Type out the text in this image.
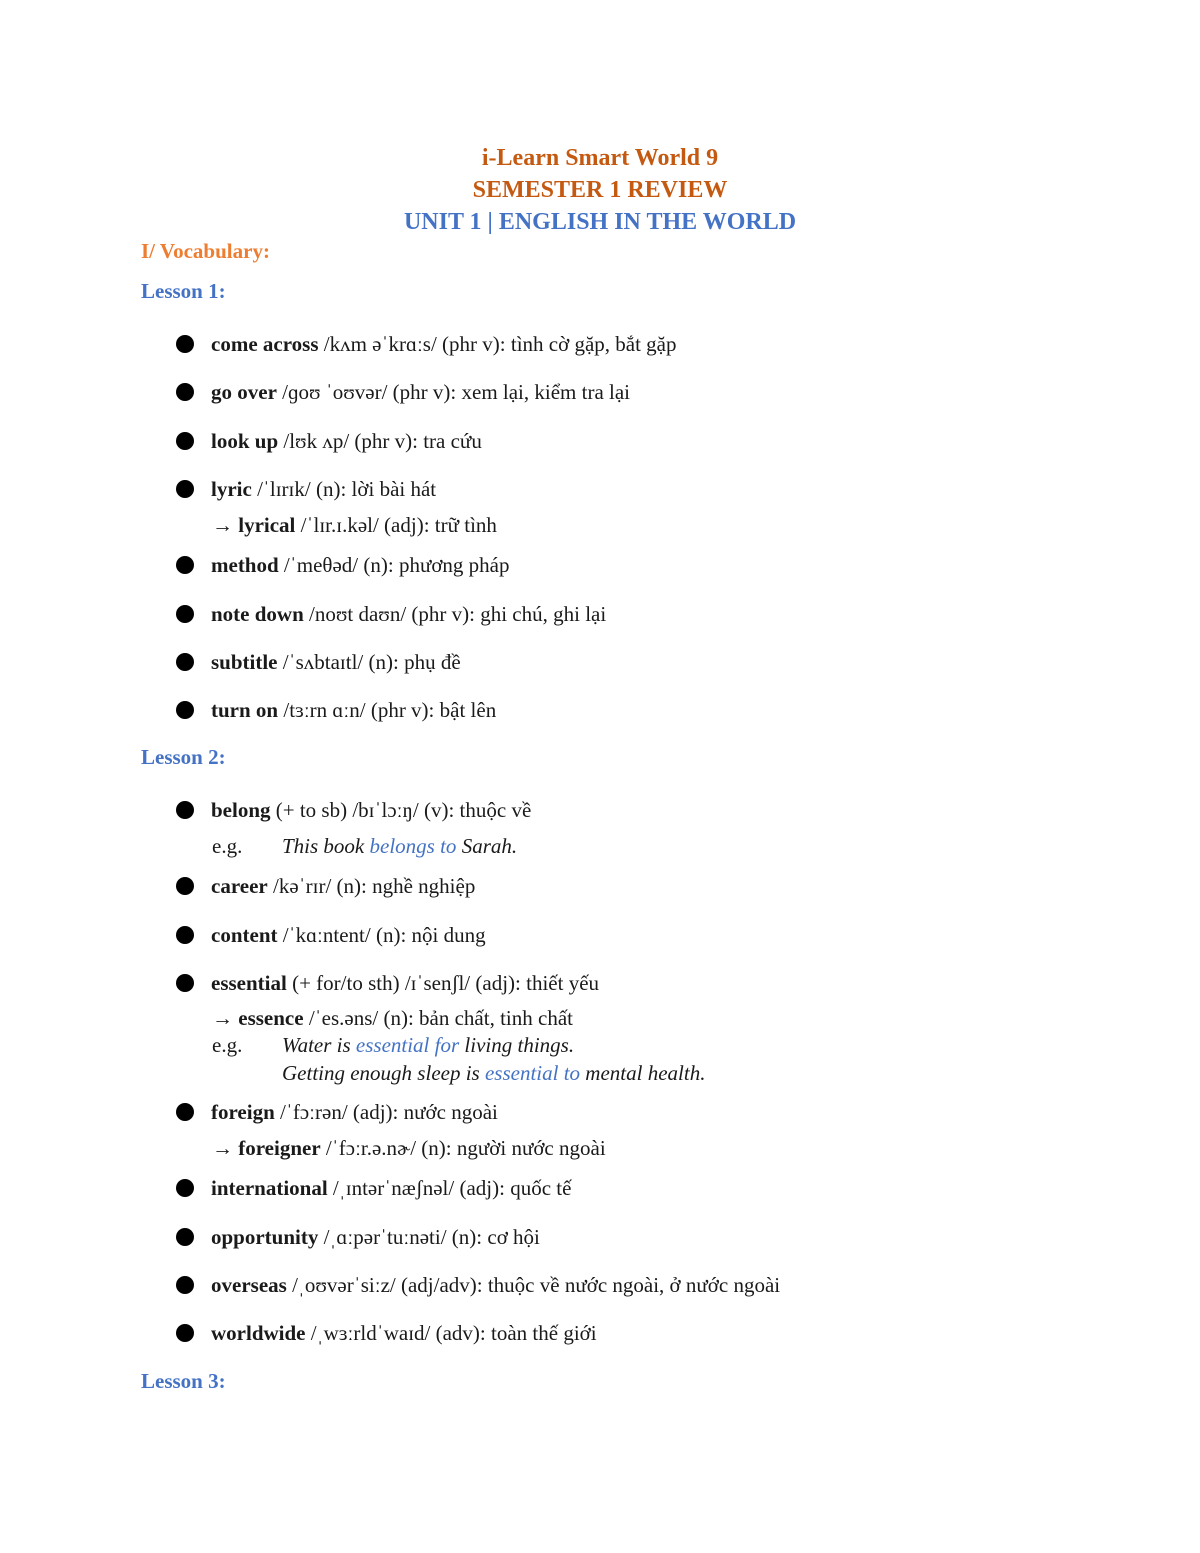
i-Learn Smart World 9
SEMESTER 1 REVIEW
UNIT 1 | ENGLISH IN THE WORLD
I/ Vocabulary:
Lesson 1:
come across /kʌm əˈkrɑːs/ (phr v): tình cờ gặp, bắt gặp
go over /ɡoʊ ˈoʊvər/ (phr v): xem lại, kiểm tra lại
look up /lʊk ʌp/ (phr v): tra cứu
lyric /ˈlɪrɪk/ (n): lời bài hát
→ lyrical /ˈlɪr.ɪ.kəl/ (adj): trữ tình
method /ˈmeθəd/ (n): phương pháp
note down /noʊt daʊn/ (phr v): ghi chú, ghi lại
subtitle /ˈsʌbtaɪtl/ (n): phụ đề
turn on /tɜːrn ɑːn/ (phr v): bật lên
Lesson 2:
belong (+ to sb) /bɪˈlɔːŋ/ (v): thuộc về
e.g. This book belongs to Sarah.
career /kəˈrɪr/ (n): nghề nghiệp
content /ˈkɑːntent/ (n): nội dung
essential (+ for/to sth) /ɪˈsenʃl/ (adj): thiết yếu
→ essence /ˈes.əns/ (n): bản chất, tinh chất
e.g. Water is essential for living things.
Getting enough sleep is essential to mental health.
foreign /ˈfɔːrən/ (adj): nước ngoài
→ foreigner /ˈfɔːr.ə.nɚ/ (n): người nước ngoài
international /ˌɪntərˈnæʃnəl/ (adj): quốc tế
opportunity /ˌɑːpərˈtuːnəti/ (n): cơ hội
overseas /ˌoʊvərˈsiːz/ (adj/adv): thuộc về nước ngoài, ở nước ngoài
worldwide /ˌwɜːrldˈwaɪd/ (adv): toàn thế giới
Lesson 3:
